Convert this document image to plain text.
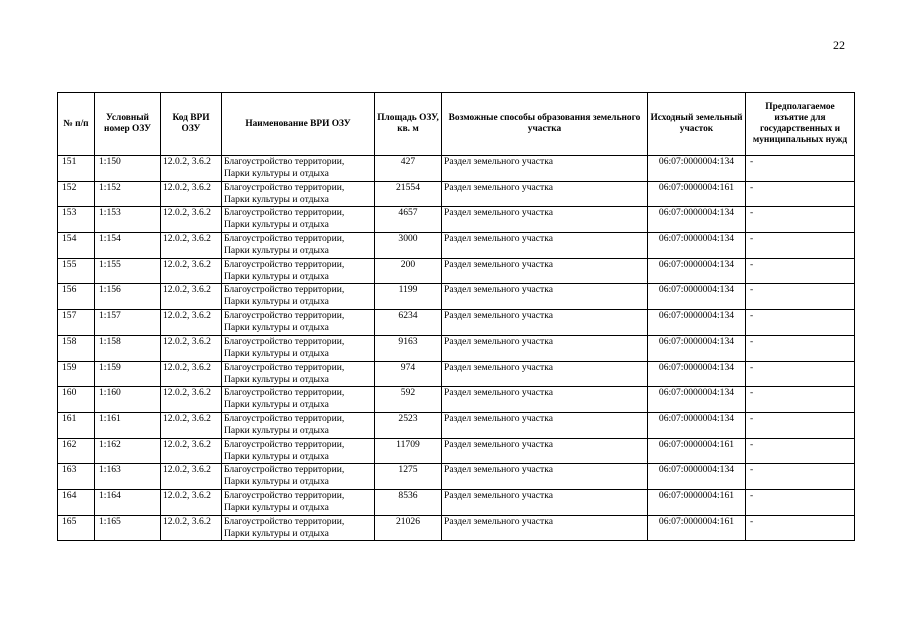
22
№ п/п	Условный номер ОЗУ	Код ВРИ ОЗУ	Наименование ВРИ ОЗУ	Площадь ОЗУ, кв. м	Возможные способы образования земельного участка	Исходный земельный участок	Предполагаемое изъятие для государственных и муниципальных нужд
151	1:150	12.0.2, 3.6.2	Благоустройство территории, Парки культуры и отдыха	427	Раздел земельного участка	06:07:0000004:134	-
152	1:152	12.0.2, 3.6.2	Благоустройство территории, Парки культуры и отдыха	21554	Раздел земельного участка	06:07:0000004:161	-
153	1:153	12.0.2, 3.6.2	Благоустройство территории, Парки культуры и отдыха	4657	Раздел земельного участка	06:07:0000004:134	-
154	1:154	12.0.2, 3.6.2	Благоустройство территории, Парки культуры и отдыха	3000	Раздел земельного участка	06:07:0000004:134	-
155	1:155	12.0.2, 3.6.2	Благоустройство территории, Парки культуры и отдыха	200	Раздел земельного участка	06:07:0000004:134	-
156	1:156	12.0.2, 3.6.2	Благоустройство территории, Парки культуры и отдыха	1199	Раздел земельного участка	06:07:0000004:134	-
157	1:157	12.0.2, 3.6.2	Благоустройство территории, Парки культуры и отдыха	6234	Раздел земельного участка	06:07:0000004:134	-
158	1:158	12.0.2, 3.6.2	Благоустройство территории, Парки культуры и отдыха	9163	Раздел земельного участка	06:07:0000004:134	-
159	1:159	12.0.2, 3.6.2	Благоустройство территории, Парки культуры и отдыха	974	Раздел земельного участка	06:07:0000004:134	-
160	1:160	12.0.2, 3.6.2	Благоустройство территории, Парки культуры и отдыха	592	Раздел земельного участка	06:07:0000004:134	-
161	1:161	12.0.2, 3.6.2	Благоустройство территории, Парки культуры и отдыха	2523	Раздел земельного участка	06:07:0000004:134	-
162	1:162	12.0.2, 3.6.2	Благоустройство территории, Парки культуры и отдыха	11709	Раздел земельного участка	06:07:0000004:161	-
163	1:163	12.0.2, 3.6.2	Благоустройство территории, Парки культуры и отдыха	1275	Раздел земельного участка	06:07:0000004:134	-
164	1:164	12.0.2, 3.6.2	Благоустройство территории, Парки культуры и отдыха	8536	Раздел земельного участка	06:07:0000004:161	-
165	1:165	12.0.2, 3.6.2	Благоустройство территории, Парки культуры и отдыха	21026	Раздел земельного участка	06:07:0000004:161	-
